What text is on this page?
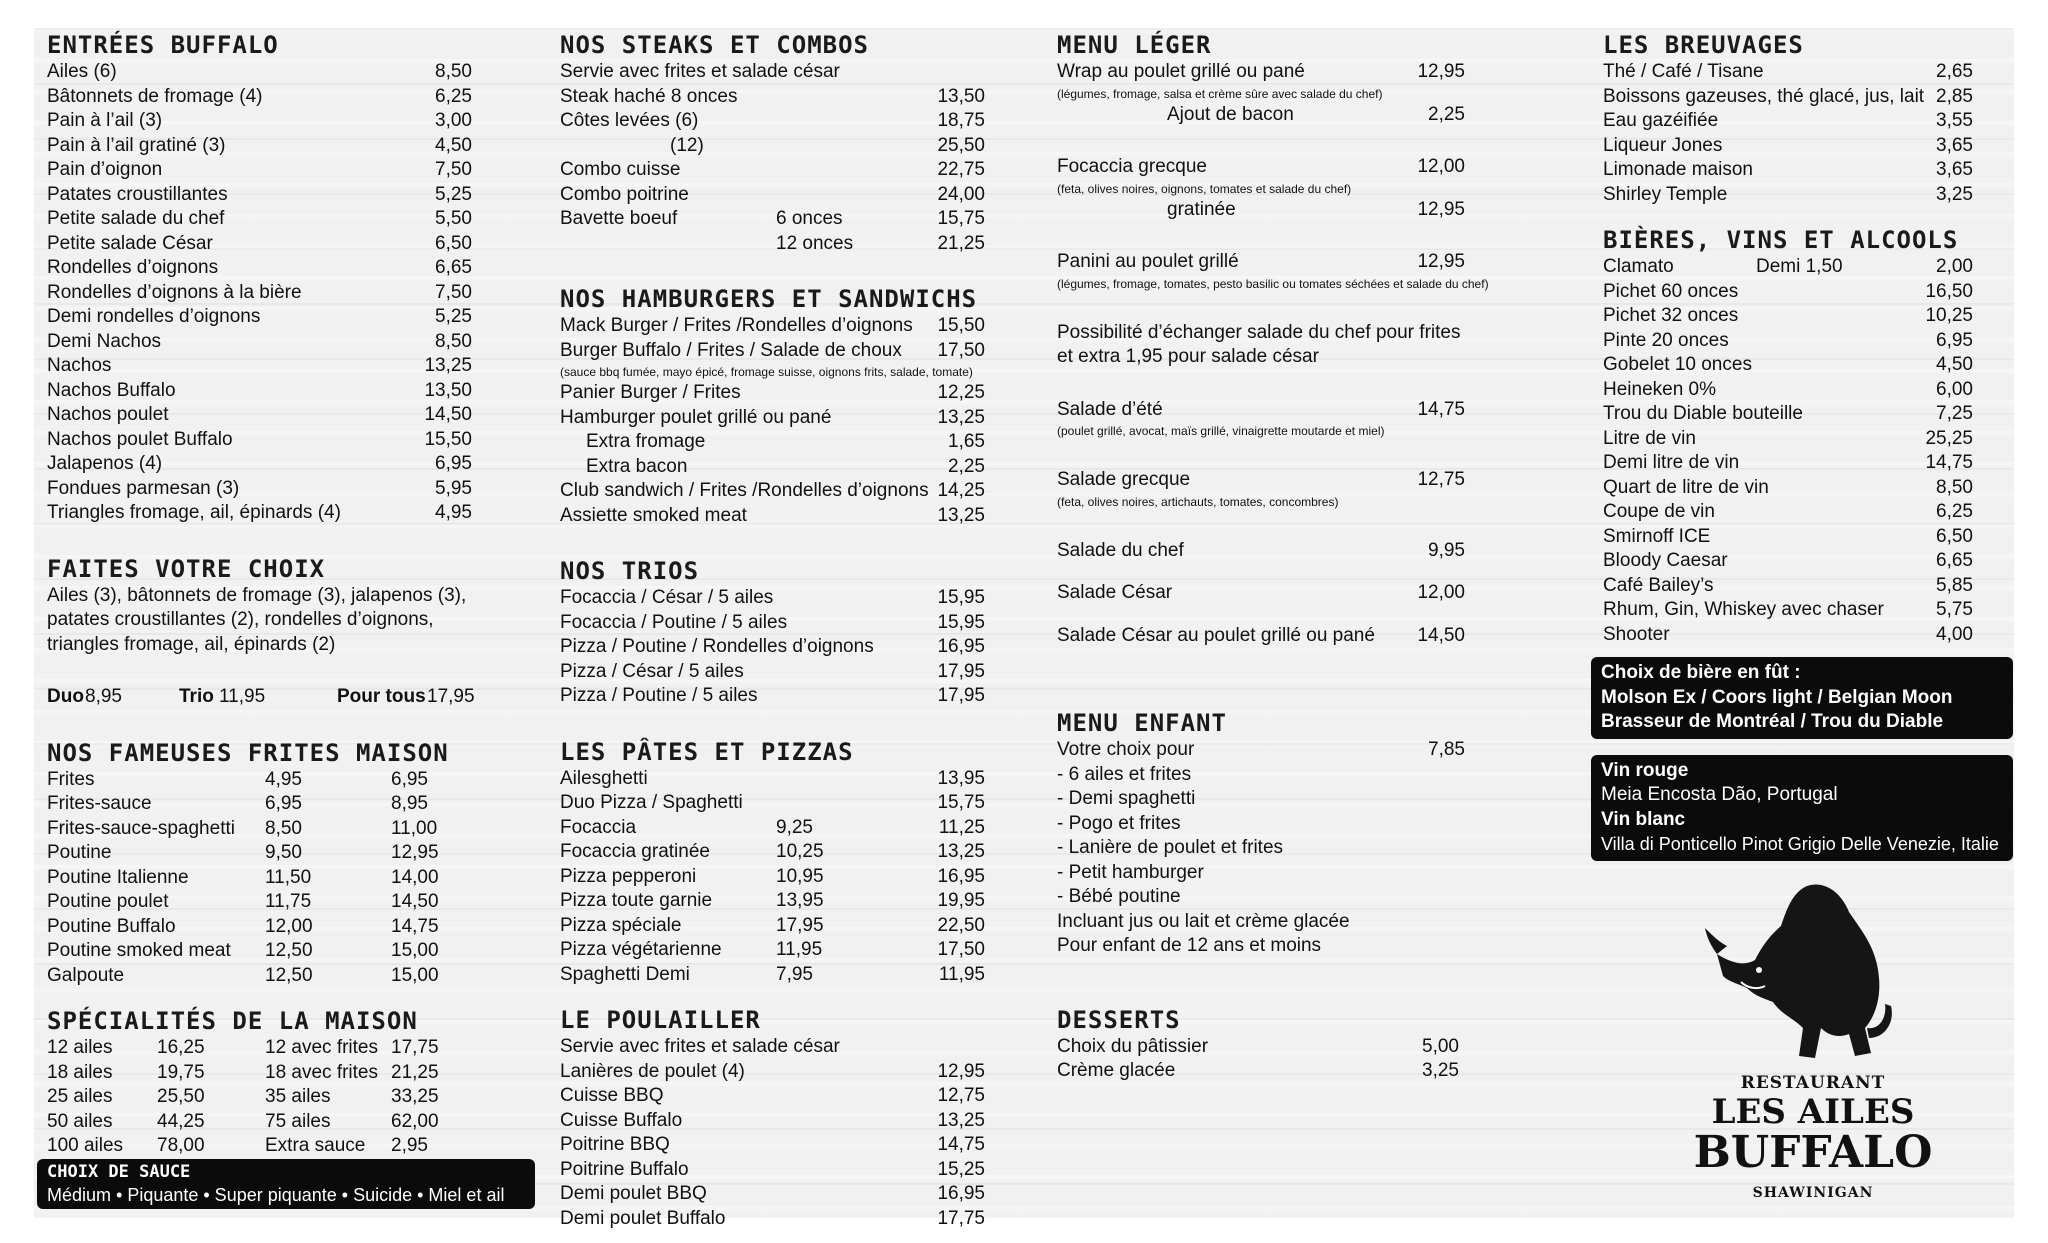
ENTRÉES BUFFALO
Ailes (6)	8,50
Bâtonnets de fromage (4)	6,25
Pain à l’ail (3)	3,00
Pain à l’ail gratiné (3)	4,50
Pain d’oignon	7,50
Patates croustillantes	5,25
Petite salade du chef	5,50
Petite salade César	6,50
Rondelles d’oignons	6,65
Rondelles d’oignons à la bière	7,50
Demi rondelles d’oignons	5,25
Demi Nachos	8,50
Nachos	13,25
Nachos Buffalo	13,50
Nachos poulet	14,50
Nachos poulet Buffalo	15,50
Jalapenos (4)	6,95
Fondues parmesan (3)	5,95
Triangles fromage, ail, épinards (4)	4,95
FAITES VOTRE CHOIX
Ailes (3), bâtonnets de fromage (3), jalapenos (3),
patates croustillantes (2), rondelles d’oignons,
triangles fromage, ail, épinards (2)
Duo 8,95	Trio 11,95	Pour tous 17,95
NOS FAMEUSES FRITES MAISON
Frites	4,95	6,95
Frites-sauce	6,95	8,95
Frites-sauce-spaghetti 8,50	11,00
Poutine	9,50	12,95
Poutine Italienne	11,50	14,00
Poutine poulet	11,75	14,50
Poutine Buffalo	12,00	14,75
Poutine smoked meat 12,50	15,00
Galpoute	12,50	15,00
SPÉCIALITÉS DE LA MAISON
12 ailes 16,25	12 avec frites 17,75
18 ailes 19,75	18 avec frites 21,25
25 ailes 25,50	35 ailes	33,25
50 ailes 44,25	75 ailes	62,00
100 ailes 78,00	Extra sauce 2,95
CHOIX DE SAUCE
Médium • Piquante • Super piquante • Suicide • Miel et ail
NOS STEAKS ET COMBOS
Servie avec frites et salade césar
Steak haché 8 onces	13,50
Côtes levées (6)	18,75
(12)	25,50
Combo cuisse	22,75
Combo poitrine	24,00
Bavette boeuf	6 onces	15,75
12 onces	21,25
NOS HAMBURGERS ET SANDWICHS
Mack Burger / Frites /Rondelles d’oignons 15,50
Burger Buffalo / Frites / Salade de choux 17,50
(sauce bbq fumée, mayo épicé, fromage suisse, oignons frits, salade, tomate)
Panier Burger / Frites	12,25
Hamburger poulet grillé ou pané	13,25
Extra fromage	1,65
Extra bacon	2,25
Club sandwich / Frites /Rondelles d’oignons 14,25
Assiette smoked meat	13,25
NOS TRIOS
Focaccia / César / 5 ailes	15,95
Focaccia / Poutine / 5 ailes	15,95
Pizza / Poutine / Rondelles d’oignons	16,95
Pizza / César / 5 ailes	17,95
Pizza / Poutine / 5 ailes	17,95
LES PÂTES ET PIZZAS
Ailesghetti	13,95
Duo Pizza / Spaghetti	15,75
Focaccia	9,25	11,25
Focaccia gratinée	10,25	13,25
Pizza pepperoni	10,95	16,95
Pizza toute garnie	13,95	19,95
Pizza spéciale	17,95	22,50
Pizza végétarienne	11,95	17,50
Spaghetti Demi	7,95	11,95
LE POULAILLER
Servie avec frites et salade césar
Lanières de poulet (4)	12,95
Cuisse BBQ	12,75
Cuisse Buffalo	13,25
Poitrine BBQ	14,75
Poitrine Buffalo	15,25
Demi poulet BBQ	16,95
Demi poulet Buffalo	17,75
MENU LÉGER
Wrap au poulet grillé ou pané	12,95
(légumes, fromage, salsa et crème sûre avec salade du chef)
Ajout de bacon	2,25
Focaccia grecque	12,00
(feta, olives noires, oignons, tomates et salade du chef)
gratinée	12,95
Panini au poulet grillé	12,95
(légumes, fromage, tomates, pesto basilic ou tomates séchées et salade du chef)
Possibilité d’échanger salade du chef pour frites
et extra 1,95 pour salade césar
Salade d’été	14,75
(poulet grillé, avocat, maïs grillé, vinaigrette moutarde et miel)
Salade grecque	12,75
(feta, olives noires, artichauts, tomates, concombres)
Salade du chef	9,95
Salade César	12,00
Salade César au poulet grillé ou pané 14,50
MENU ENFANT
Votre choix pour	7,85
- 6 ailes et frites
- Demi spaghetti
- Pogo et frites
- Lanière de poulet et frites
- Petit hamburger
- Bébé poutine
Incluant jus ou lait et crème glacée
Pour enfant de 12 ans et moins
DESSERTS
Choix du pâtissier	5,00
Crème glacée	3,25
LES BREUVAGES
Thé / Café / Tisane	2,65
Boissons gazeuses, thé glacé, jus, lait 2,85
Eau gazéifiée	3,55
Liqueur Jones	3,65
Limonade maison	3,65
Shirley Temple	3,25
BIÈRES, VINS ET ALCOOLS
Clamato	Demi 1,50	2,00
Pichet 60 onces	16,50
Pichet 32 onces	10,25
Pinte 20 onces	6,95
Gobelet 10 onces	4,50
Heineken 0%	6,00
Trou du Diable bouteille	7,25
Litre de vin	25,25
Demi litre de vin	14,75
Quart de litre de vin	8,50
Coupe de vin	6,25
Smirnoff ICE	6,50
Bloody Caesar	6,65
Café Bailey’s	5,85
Rhum, Gin, Whiskey avec chaser	5,75
Shooter	4,00
Choix de bière en fût :
Molson Ex / Coors light / Belgian Moon
Brasseur de Montréal / Trou du Diable
Vin rouge
Meia Encosta Dão, Portugal
Vin blanc
Villa di Ponticello Pinot Grigio Delle Venezie, Italie
RESTAURANT
LES AILES
BUFFALO
SHAWINIGAN
